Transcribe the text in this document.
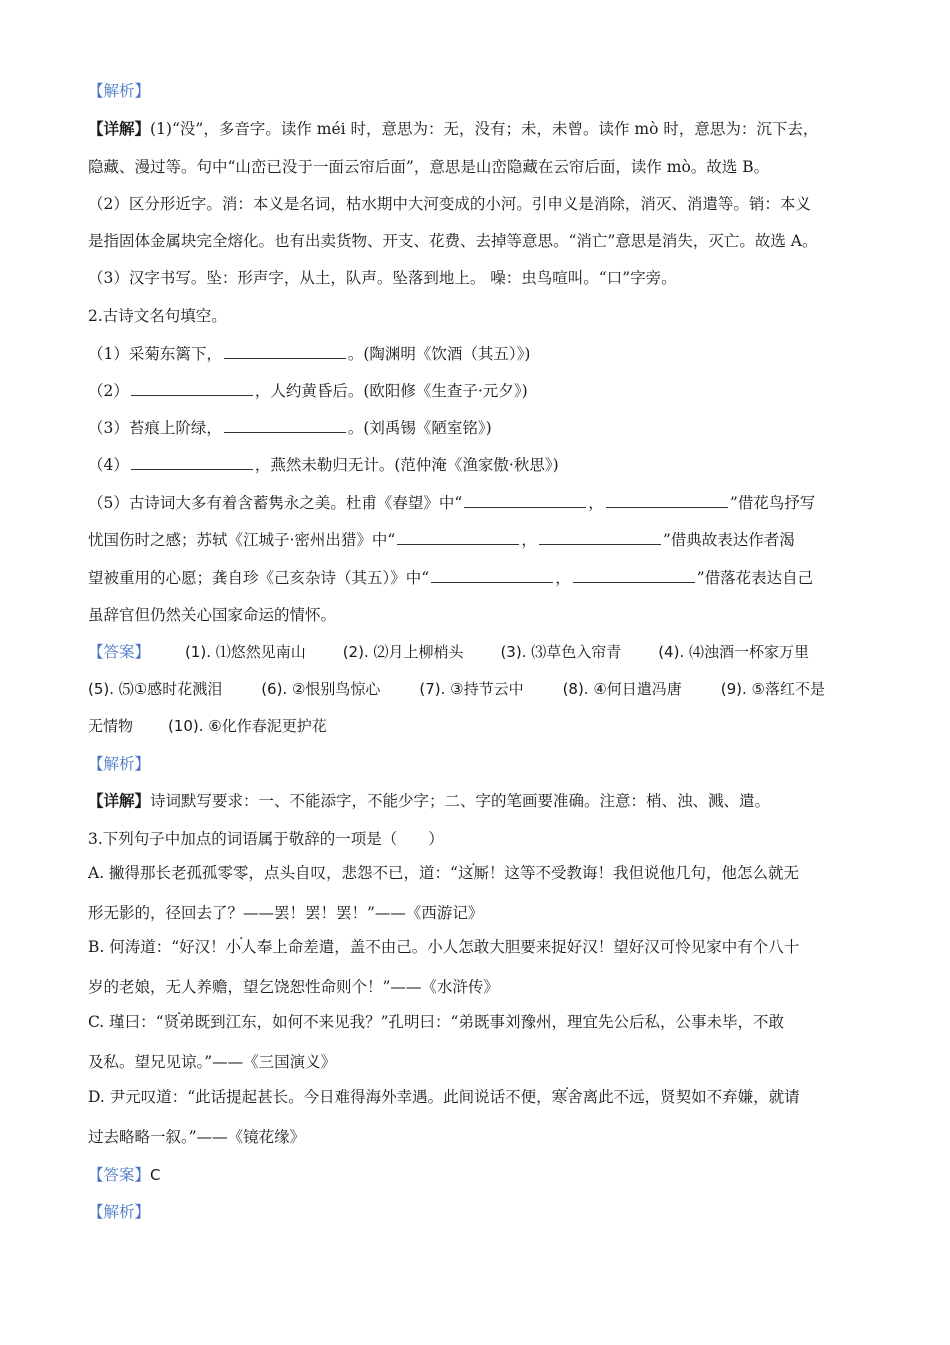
【解析】
【详解】(1)“没”，多音字。读作 méi 时，意思为：无，没有；未，未曾。读作 mò 时，意思为：沉下去，
隐藏、漫过等。句中“山峦已没于一面云帘后面”，意思是山峦隐藏在云帘后面，读作 mò。故选 B。
（2）区分形近字。消：本义是名词，枯水期中大河变成的小河。引申义是消除，消灭、消遣等。销：本义
是指固体金属块完全熔化。也有出卖货物、开支、花费、去掉等意思。“消亡”意思是消失，灭亡。故选 A。
（3）汉字书写。坠：形声字，从土，队声。坠落到地上。 噪：虫鸟喧叫。“口”字旁。
2.古诗文名句填空。
（1）采菊东篱下，	。(陶渊明《饮酒（其五）》)
（2）	，人约黄昏后。(欧阳修《生查子·元夕》)
（3）苔痕上阶绿，	。(刘禹锡《陋室铭》)
（4）	，燕然未勒归无计。(范仲淹《渔家傲·秋思》)
（5）古诗词大多有着含蓄隽永之美。杜甫《春望》中“	，	”借花鸟抒写
忧国伤时之感；苏轼《江城子·密州出猎》中“	，	”借典故表达作者渴
望被重用的心愿；龚自珍《己亥杂诗（其五）》中“	，	”借落花表达自己
虽辞官但仍然关心国家命运的情怀。
【答案】 (1). ⑴悠然见南山 (2). ⑵月上柳梢头 (3). ⑶草色入帘青 (4). ⑷浊酒一杯家万里
(5). ⑸①感时花溅泪	(6). ②恨别鸟惊心	(7). ③持节云中	(8). ④何日遣冯唐	(9). ⑤落红不是
无情物 (10). ⑥化作春泥更护花
【解析】
【详解】诗词默写要求：一、不能添字，不能少字；二、字的笔画要准确。注意：梢、浊、溅、遣。
3.下列句子中加点的词语属于敬辞的一项是（　　）
A. 撇得那长老孤孤零零，点头自叹，悲怨不已，道：“这厮！这等不受教诲！我但说他几句，他怎么就无
形无影的，径回去了？——罢！罢！罢！”——《西游记》
B. 何涛道：“好汉！小人奉上命差遣，盖不由己。小人怎敢大胆要来捉好汉！望好汉可怜见家中有个八十
岁的老娘，无人养赡，望乞饶恕性命则个！”——《水浒传》
C. 瑾曰：“贤弟既到江东，如何不来见我？”孔明曰：“弟既事刘豫州，理宜先公后私，公事未毕，不敢
及私。望兄见谅。”——《三国演义》
D. 尹元叹道：“此话提起甚长。今日难得海外幸遇。此间说话不便，寒舍离此不远，贤契如不弃嫌，就请
过去略略一叙。”——《镜花缘》
【答案】C
【解析】
